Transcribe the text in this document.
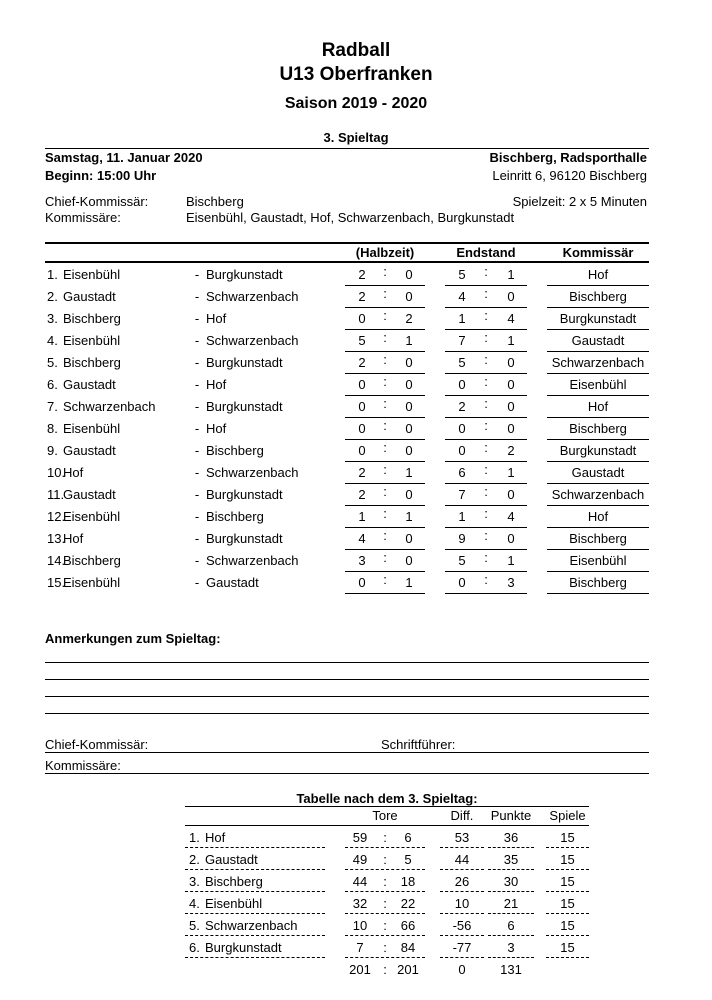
Radball
U13 Oberfranken
Saison 2019 - 2020
3. Spieltag
Samstag, 11. Januar 2020
Beginn: 15:00 Uhr
Bischberg, Radsporthalle
Leinritt 6, 96120 Bischberg
Chief-Kommissär:	Bischberg	Spielzeit: 2 x 5 Minuten
Kommissäre:	Eisenbühl, Gaustadt, Hof, Schwarzenbach, Burgkunstadt
(Halbzeit)	Endstand	Kommissär
1. Eisenbühl	- Burgkunstadt	2	0	5	1	Hof
:	:
2. Gaustadt	- Schwarzenbach	2	0	4	0	Bischberg
:	:
3. Bischberg	- Hof	0	2	1	4	Burgkunstadt
:	:
4. Eisenbühl	- Schwarzenbach	5	1	7	1	Gaustadt
:	:
5. Bischberg	- Burgkunstadt	2	0	5	0	Schwarzenbach
:	:
6. Gaustadt	- Hof	0	0	0	0	Eisenbühl
:	:
7. Schwarzenbach	- Burgkunstadt	0	0	2	0	Hof
:	:
8. Eisenbühl	- Hof	0	0	0	0	Bischberg
:	:
9. Gaustadt	- Bischberg	0	0	0	2	Burgkunstadt
:	:
10.
Hof	- Schwarzenbach	2	1	6	1	Gaustadt
:	:
11.
Gaustadt	- Burgkunstadt	2	0	7	0	Schwarzenbach
:	:
12.
Eisenbühl	- Bischberg	1	1	1	4	Hof
:	:
13.
Hof	- Burgkunstadt	4	0	9	0	Bischberg
:	:
14.
Bischberg	- Schwarzenbach	3	0	5	1	Eisenbühl
:	:
15.
Eisenbühl	- Gaustadt	0	1	0	3	Bischberg
:	:
Anmerkungen zum Spieltag:
Chief-Kommissär:	Schriftführer:
Kommissäre:
Tabelle nach dem 3. Spieltag:
Tore	Diff.	Punkte Spiele
1. Hof	59	6	53	36	15
:
2. Gaustadt	49	5	44	35	15
:
3. Bischberg	44	18	26	30	15
:
4. Eisenbühl	32	22	10	21	15
:
5. Schwarzenbach	10	66	-56	6	15
:
6. Burgkunstadt	7	84	-77	3	15
:
201 : 201	0	131
